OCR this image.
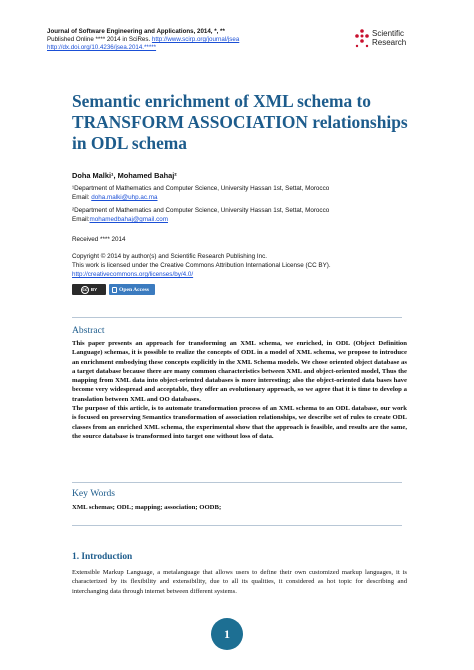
Journal of Software Engineering and Applications, 2014, *, **
Published Online **** 2014 in SciRes. http://www.scirp.org/journal/jsea
http://dx.doi.org/10.4236/jsea.2014.*****
Scientific
Research
Semantic enrichment of XML schema to TRANSFORM ASSOCIATION relationships in ODL schema
Doha Malki¹, Mohamed Bahaj²
¹Department of Mathematics and Computer Science, University Hassan 1st, Settat, Morocco
Email: doha.malki@uhp.ac.ma
²Department of Mathematics and Computer Science, University Hassan 1st, Settat, Morocco
Email:mohamedbahaj@gmail.com
Received **** 2014
Copyright © 2014 by author(s) and Scientific Research Publishing Inc.
This work is licensed under the Creative Commons Attribution International License (CC BY).
http://creativecommons.org/licenses/by/4.0/
cc BY	Open Access
Abstract

This paper presents an approach for transforming an XML schema, we enriched, in ODL (Object Definition Language) schemas, it is possible to realize the concepts of ODL in a model of XML schema, we propose to introduce an enrichment embodying these concepts explicitly in the XML Schema models. We chose oriented object database as a target database because there are many common characteristics between XML and object-oriented model, Thus the mapping from XML data into object-oriented databases is more interesting; also the object-oriented data bases have become very widespread and acceptable, they offer an evolutionary approach, so we agree that it is time to develop a translation between XML and OO databases.

The purpose of this article, is to automate transformation process of an XML schema to an ODL database, our work is focused on preserving Semantics transformation of association relationships, we describe set of rules to create ODL classes from an enriched XML schema, the experimental show that the approach is feasible, and results are the same, the source database is transformed into target one without loss of data.

Key Words
XML schemas; ODL; mapping; association; OODB;
1. Introduction
Extensible Markup Language, a metalanguage that allows users to define their own customized markup languages, it is characterized by its flexibility and extensibility, due to all its qualities, it considered as hot topic for describing and interchanging data through internet between different systems.
1
